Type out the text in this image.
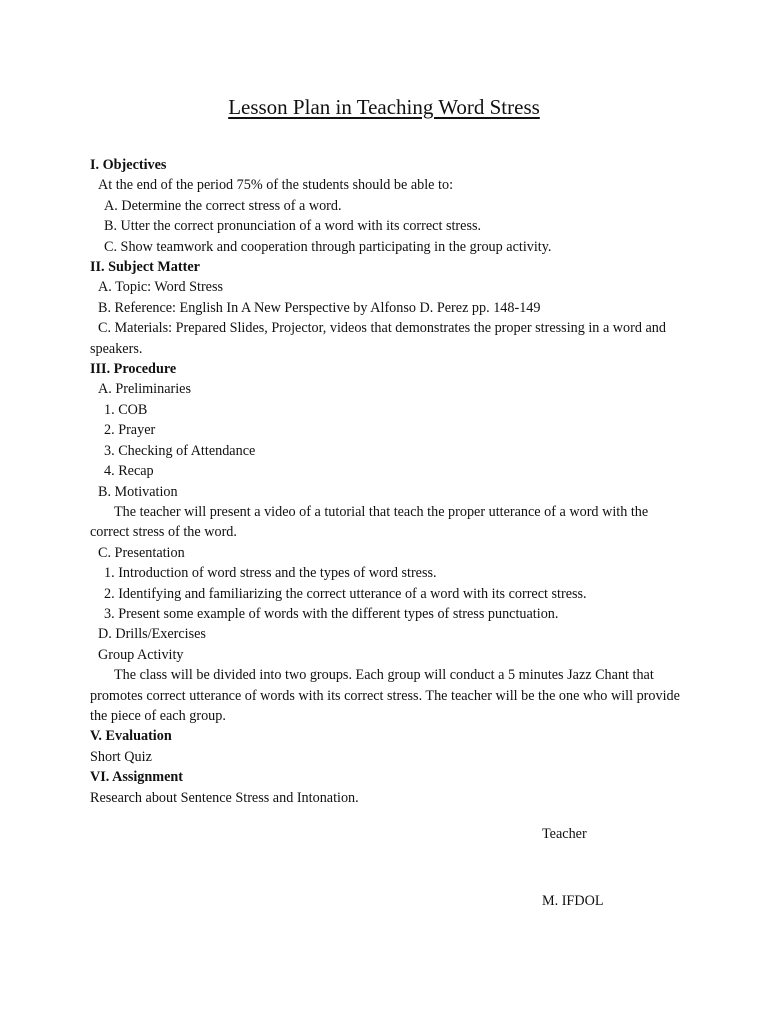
Lesson Plan in Teaching Word Stress
I. Objectives
At the end of the period 75% of the students should be able to:
A. Determine the correct stress of a word.
B. Utter the correct pronunciation of a word with its correct stress.
C. Show teamwork and cooperation through participating in the group activity.
II. Subject Matter
A. Topic: Word Stress
B. Reference: English In A New Perspective by Alfonso D. Perez pp. 148-149
C. Materials: Prepared Slides, Projector, videos that demonstrates the proper stressing in a word and speakers.
III. Procedure
A. Preliminaries
1. COB
2. Prayer
3. Checking of Attendance
4. Recap
B. Motivation
The teacher will present a video of a tutorial that teach the proper utterance of a word with the correct stress of the word.
C. Presentation
1. Introduction of word stress and the types of word stress.
2. Identifying and familiarizing the correct utterance of a word with its correct stress.
3. Present some example of words with the different types of stress punctuation.
D. Drills/Exercises
Group Activity
The class will be divided into two groups. Each group will conduct a 5 minutes Jazz Chant that promotes correct utterance of words with its correct stress. The teacher will be the one who will provide the piece of each group.
V. Evaluation
Short Quiz
VI. Assignment
Research about Sentence Stress and Intonation.
Teacher
M. IFDOL
